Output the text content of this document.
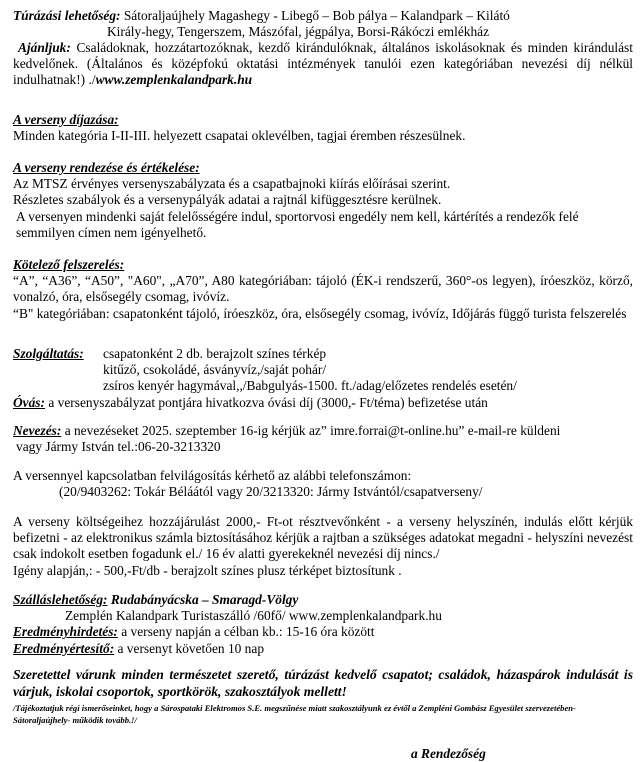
Túrázási lehetőség: Sátoraljaújhely Magashegy - Libegő – Bob pálya – Kalandpark – Kilátó

Király-hegy, Tengerszem, Mászófal, jégpálya, Borsi-Rákóczi emlékház

Ajánljuk: Családoknak, hozzátartozóknak, kezdő kirándulóknak, általános iskolásoknak és minden kirándulást kedvelőnek. (Általános és középfokú oktatási intézmények tanulói ezen kategóriában nevezési díj nélkül indulhatnak!) ./www.zemplenkalandpark.hu

A verseny díjazása:

Minden kategória I-II-III. helyezett csapatai oklevélben, tagjai éremben részesülnek.

A verseny rendezése és értékelése:

Az MTSZ érvényes versenyszabályzata és a csapatbajnoki kiírás előírásai szerint.

Részletes szabályok és a versenypályák adatai a rajtnál kifüggesztésre kerülnek.

A versenyen mindenki saját felelősségére indul, sportorvosi engedély nem kell, kártérítés a rendezők felé semmilyen címen nem igényelhető.

Kötelező felszerelés:

“A”, “A36”, “A50”, "A60", „A70”, A80 kategóriában: tájoló (ÉK-i rendszerű, 360°-os legyen), íróeszköz, körző, vonalzó, óra, elsősegély csomag, ivóvíz.

“B" kategóriában: csapatonként tájoló, íróeszköz, óra, elsősegély csomag, ivóvíz, Időjárás függő turista felszerelés

Szolgáltatás:	csapatonként 2 db. berajzolt színes térkép

kitűző, csokoládé, ásványvíz,/saját pohár/

zsíros kenyér hagymával,,/Babgulyás-1500. ft./adag/előzetes rendelés esetén/

Óvás: a versenyszabályzat pontjára hivatkozva óvási díj (3000,- Ft/téma) befizetése után

Nevezés: a nevezéseket 2025. szeptember 16-ig kérjük az” imre.forrai@t-online.hu” e-mail-re küldeni

vagy Jármy István tel.:06-20-3213320

A versennyel kapcsolatban felvilágosítás kérhető az alábbi telefonszámon:

(20/9403262: Tokár Béláától vagy 20/3213320: Jármy Istvántól/csapatverseny/

A verseny költségeihez hozzájárulást 2000,- Ft-ot résztvevőnként - a verseny helyszínén, indulás előtt kérjük befizetni - az elektronikus számla biztosításához kérjük a rajtban a szükséges adatokat megadni - helyszíni nevezést csak indokolt esetben fogadunk el./ 16 év alatti gyerekeknél nevezési díj nincs./

Igény alapján,: - 500,-Ft/db - berajzolt színes plusz térképet biztosítunk .

Szálláslehetőség: Rudabányácska – Smaragd-Völgy

Zemplén Kalandpark Turistaszálló /60fő/ www.zemplenkalandpark.hu

Eredményhirdetés: a verseny napján a célban kb.: 15-16 óra között

Eredményértesítő: a versenyt követően 10 nap

Szeretettel várunk minden természetet szerető, túrázást kedvelő csapatot; családok, házaspárok indulását is várjuk, iskolai csoportok, sportkörök, szakosztályok mellett!

/Tájékoztatjuk régi ismerőseinket, hogy a Sárospataki Elektromos S.E. megszűnése miatt szakosztályunk ez évtől a Zempléni Gombász Egyesület szervezetében-Sátoraljaújhely- működik tovább.!/

a Rendezőség
